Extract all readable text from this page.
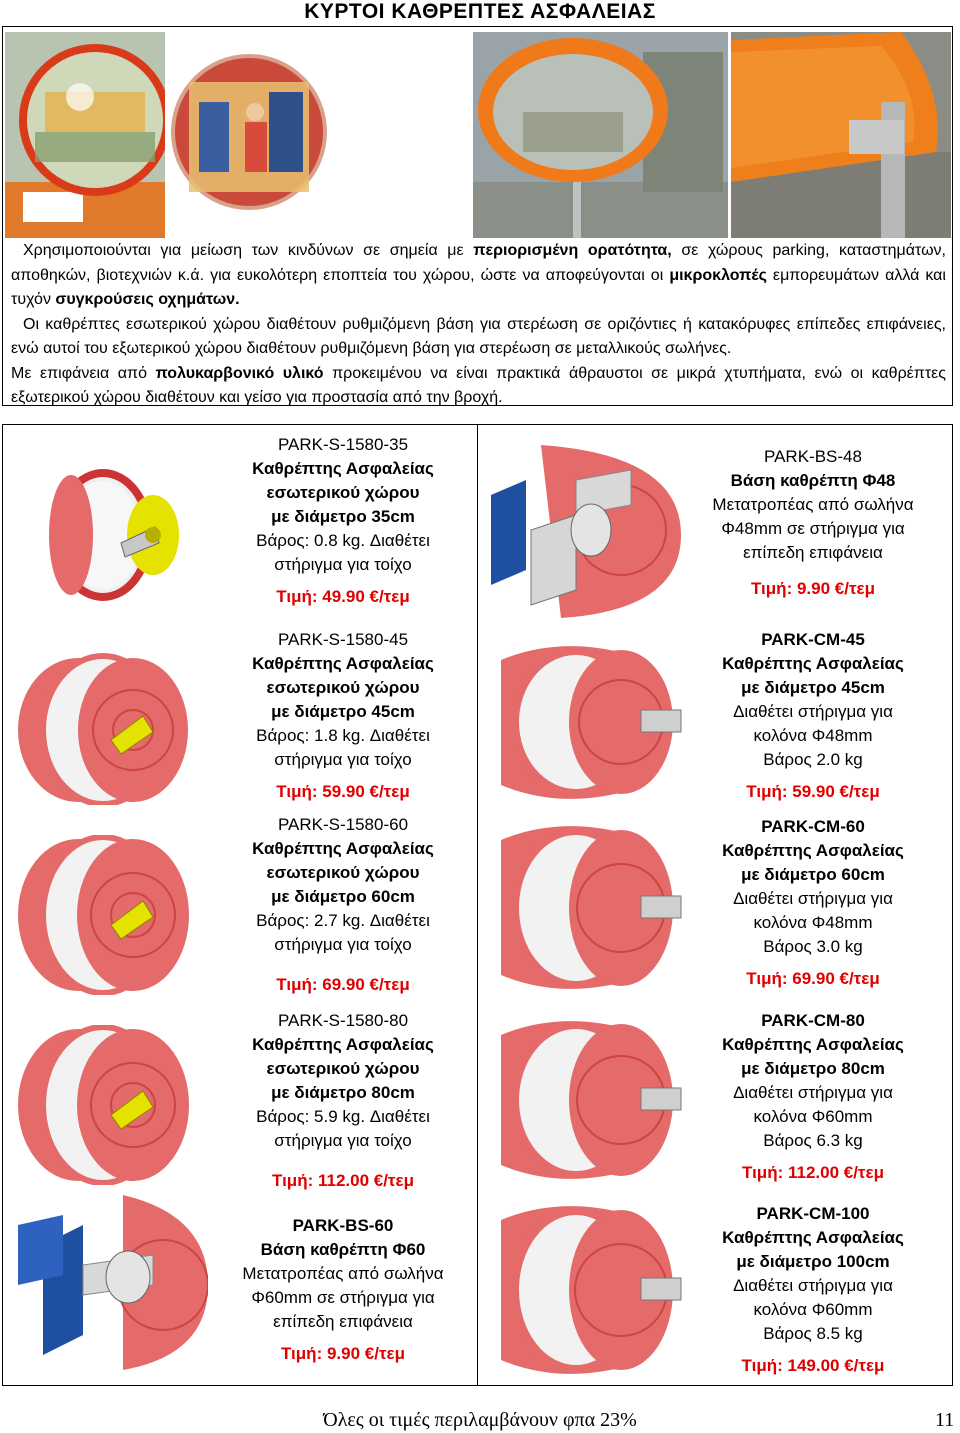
ΚΥΡΤΟΙ ΚΑΘΡΕΠΤΕΣ ΑΣΦΑΛΕΙΑΣ
Χρησιμοποιούνται για μείωση των κινδύνων σε σημεία με περιορισμένη ορατότητα, σε χώρους parking, καταστημάτων, αποθηκών, βιοτεχνιών κ.ά. για ευκολότερη εποπτεία του χώρου, ώστε να αποφεύγονται οι μικροκλοπές εμπορευμάτων αλλά και τυχόν συγκρούσεις οχημάτων.
Οι καθρέπτες εσωτερικού χώρου διαθέτουν ρυθμιζόμενη βάση για στερέωση σε οριζόντιες ή κατακόρυφες επίπεδες επιφάνειες, ενώ αυτοί του εξωτερικού χώρου διαθέτουν ρυθμιζόμενη βάση για στερέωση σε μεταλλικούς σωλήνες.
Με επιφάνεια από πολυκαρβονικό υλικό προκειμένου να είναι πρακτικά άθραυστοι σε μικρά χτυπήματα, ενώ οι καθρέπτες εξωτερικού χώρου διαθέτουν και γείσο για προστασία από την βροχή.
PARK-S-1580-35
Καθρέπτης Ασφαλείας
εσωτερικού χώρου
με διάμετρο 35cm
Βάρος: 0.8 kg. Διαθέτει
στήριγμα για τοίχο
Τιμή: 49.90 €/τεμ
PARK-S-1580-45
Καθρέπτης Ασφαλείας
εσωτερικού χώρου
με διάμετρο 45cm
Βάρος: 1.8 kg. Διαθέτει
στήριγμα για τοίχο
Τιμή: 59.90 €/τεμ
PARK-S-1580-60
Καθρέπτης Ασφαλείας
εσωτερικού χώρου
με διάμετρο 60cm
Βάρος: 2.7 kg. Διαθέτει
στήριγμα για τοίχο
Τιμή: 69.90 €/τεμ
PARK-S-1580-80
Καθρέπτης Ασφαλείας
εσωτερικού χώρου
με διάμετρο 80cm
Βάρος: 5.9 kg. Διαθέτει
στήριγμα για τοίχο
Τιμή: 112.00 €/τεμ
PARK-BS-60
Βάση καθρέπτη Φ60
Μετατροπέας από σωλήνα
Φ60mm σε στήριγμα για
επίπεδη επιφάνεια
Τιμή: 9.90 €/τεμ
PARK-BS-48
Βάση καθρέπτη Φ48
Μετατροπέας από σωλήνα
Φ48mm σε στήριγμα για
επίπεδη επιφάνεια
Τιμή: 9.90 €/τεμ
PARK-CM-45
Καθρέπτης Ασφαλείας
με διάμετρο 45cm
Διαθέτει στήριγμα για
κολόνα Φ48mm
Βάρος 2.0 kg
Τιμή: 59.90 €/τεμ
PARK-CM-60
Καθρέπτης Ασφαλείας
με διάμετρο 60cm
Διαθέτει στήριγμα για
κολόνα Φ48mm
Βάρος 3.0 kg
Τιμή: 69.90 €/τεμ
PARK-CM-80
Καθρέπτης Ασφαλείας
με διάμετρο 80cm
Διαθέτει στήριγμα για
κολόνα Φ60mm
Βάρος 6.3 kg
Τιμή: 112.00 €/τεμ
PARK-CM-100
Καθρέπτης Ασφαλείας
με διάμετρο 100cm
Διαθέτει στήριγμα για
κολόνα Φ60mm
Βάρος 8.5 kg
Τιμή: 149.00 €/τεμ
Όλες οι τιμές περιλαμβάνουν φπα 23%	11
